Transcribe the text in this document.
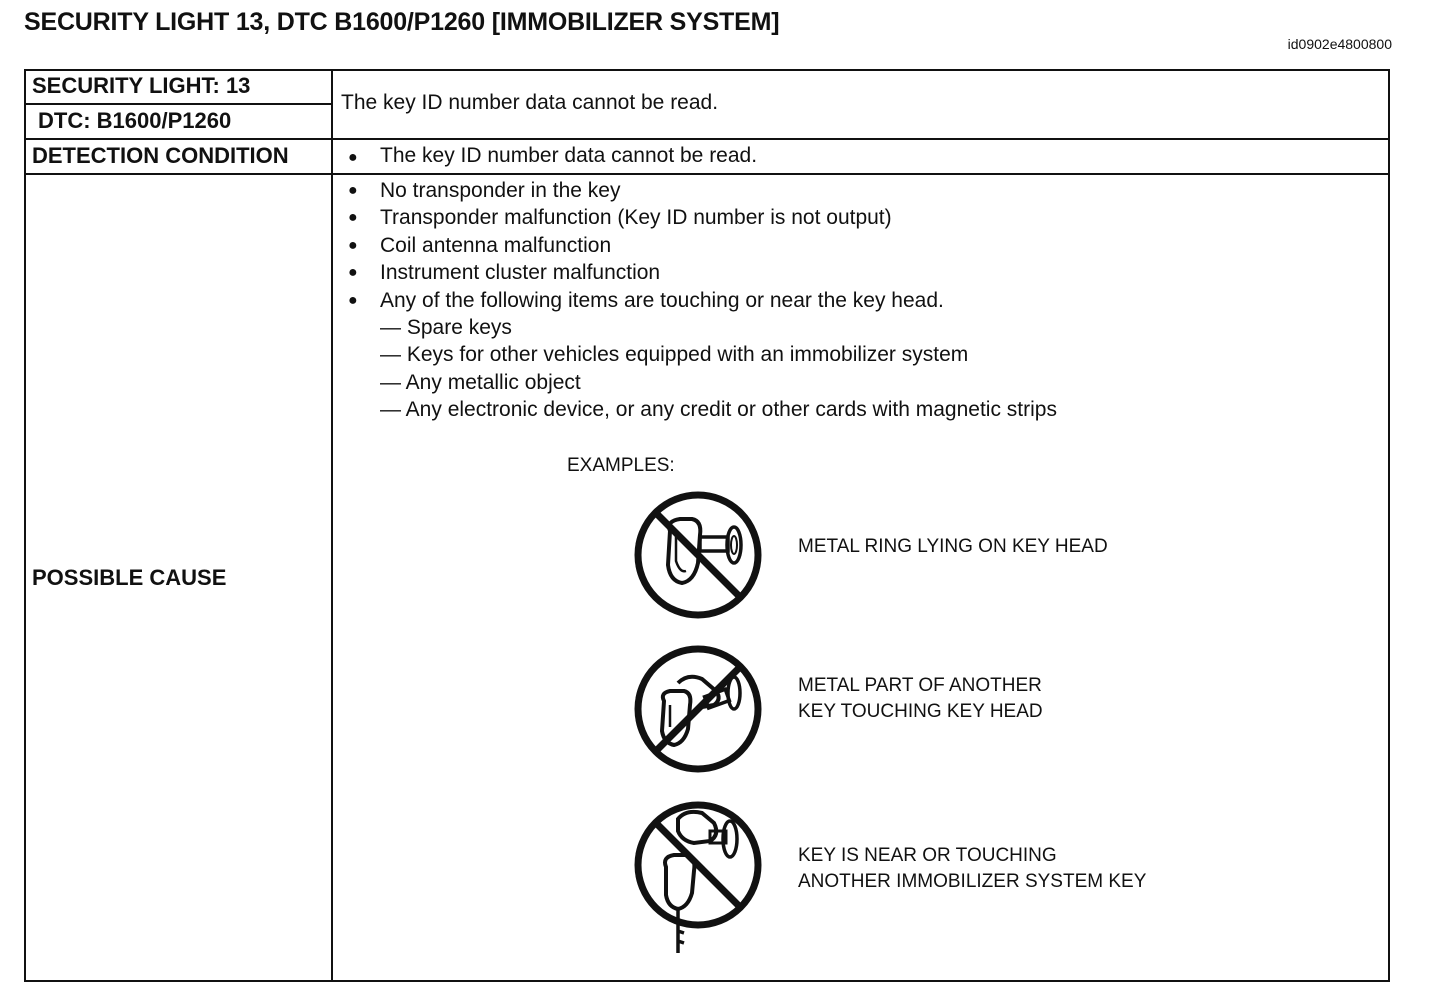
SECURITY LIGHT 13, DTC B1600/P1260 [IMMOBILIZER SYSTEM]
id0902e4800800
SECURITY LIGHT: 13
DTC: B1600/P1260
The key ID number data cannot be read.
DETECTION CONDITION	● The key ID number data cannot be read.
POSSIBLE CAUSE
● No transponder in the key
● Transponder malfunction (Key ID number is not output)
● Coil antenna malfunction
● Instrument cluster malfunction
● Any of the following items are touching or near the key head.
— Spare keys
— Keys for other vehicles equipped with an immobilizer system
— Any metallic object
— Any electronic device, or any credit or other cards with magnetic strips
EXAMPLES:
METAL RING LYING ON KEY HEAD
METAL PART OF ANOTHER
KEY TOUCHING KEY HEAD
KEY IS NEAR OR TOUCHING
ANOTHER IMMOBILIZER SYSTEM KEY
